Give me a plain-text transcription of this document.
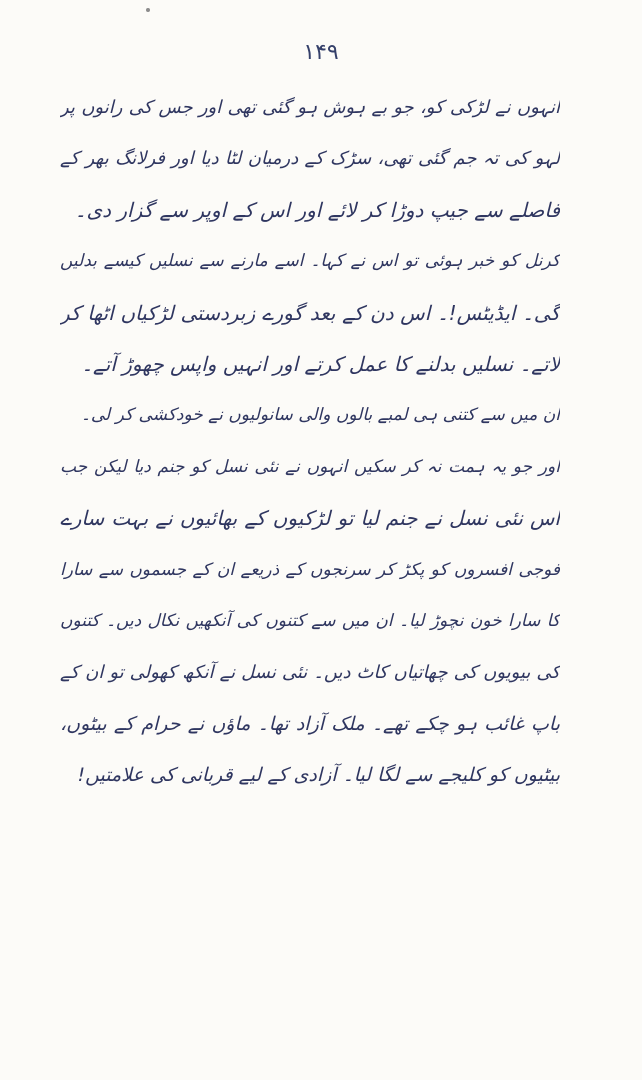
۱۴۹
انہوں نے لڑکی کو، جو بے ہوش ہو گئی تھی اور جس کی رانوں پر
لہو کی تہ جم گئی تھی، سڑک کے درمیان لٹا دیا اور فرلانگ بھر کے
فاصلے سے جیپ دوڑا کر لائے اور اس کے اوپر سے گزار دی۔
کرنل کو خبر ہوئی تو اس نے کہا۔ اسے مارنے سے نسلیں کیسے بدلیں
گی۔ ایڈیٹس!۔ اس دن کے بعد گورے زبردستی لڑکیاں اٹھا کر
لاتے۔ نسلیں بدلنے کا عمل کرتے اور انہیں واپس چھوڑ آتے۔
ان میں سے کتنی ہی لمبے بالوں والی سانولیوں نے خودکشی کر لی۔
اور جو یہ ہمت نہ کر سکیں انہوں نے نئی نسل کو جنم دیا لیکن جب
اس نئی نسل نے جنم لیا تو لڑکیوں کے بھائیوں نے بہت سارے
فوجی افسروں کو پکڑ کر سرنجوں کے ذریعے ان کے جسموں سے سارا
کا سارا خون نچوڑ لیا۔ ان میں سے کتنوں کی آنکھیں نکال دیں۔ کتنوں
کی بیویوں کی چھاتیاں کاٹ دیں۔ نئی نسل نے آنکھ کھولی تو ان کے
باپ غائب ہو چکے تھے۔ ملک آزاد تھا۔ ماؤں نے حرام کے بیٹوں،
بیٹیوں کو کلیجے سے لگا لیا۔ آزادی کے لیے قربانی کی علامتیں!
